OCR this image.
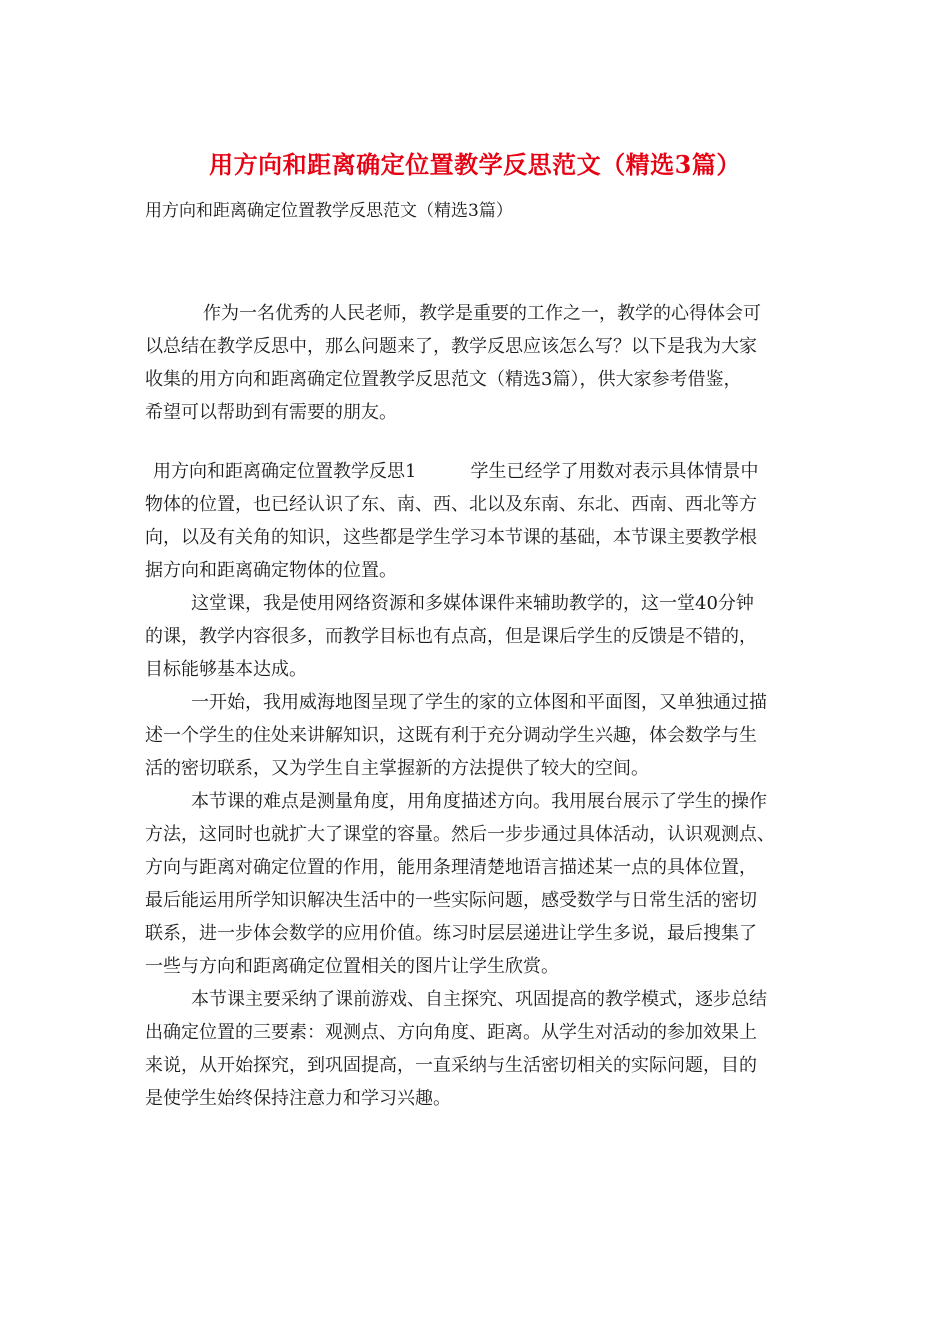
用方向和距离确定位置教学反思范文（精选3篇）
用方向和距离确定位置教学反思范文（精选3篇）
作为一名优秀的人民老师，教学是重要的工作之一，教学的心得体会可
以总结在教学反思中，那么问题来了，教学反思应该怎么写？以下是我为大家
收集的用方向和距离确定位置教学反思范文（精选3篇），供大家参考借鉴，
希望可以帮助到有需要的朋友。
用方向和距离确定位置教学反思1	学生已经学了用数对表示具体情景中
物体的位置，也已经认识了东、南、西、北以及东南、东北、西南、西北等方
向，以及有关角的知识，这些都是学生学习本节课的基础，本节课主要教学根
据方向和距离确定物体的位置。
这堂课，我是使用网络资源和多媒体课件来辅助教学的，这一堂40分钟
的课，教学内容很多，而教学目标也有点高，但是课后学生的反馈是不错的，
目标能够基本达成。
一开始，我用威海地图呈现了学生的家的立体图和平面图，又单独通过描
述一个学生的住处来讲解知识，这既有利于充分调动学生兴趣，体会数学与生
活的密切联系，又为学生自主掌握新的方法提供了较大的空间。
本节课的难点是测量角度，用角度描述方向。我用展台展示了学生的操作
方法，这同时也就扩大了课堂的容量。然后一步步通过具体活动，认识观测点、
方向与距离对确定位置的作用，能用条理清楚地语言描述某一点的具体位置，
最后能运用所学知识解决生活中的一些实际问题，感受数学与日常生活的密切
联系，进一步体会数学的应用价值。练习时层层递进让学生多说，最后搜集了
一些与方向和距离确定位置相关的图片让学生欣赏。
本节课主要采纳了课前游戏、自主探究、巩固提高的教学模式，逐步总结
出确定位置的三要素：观测点、方向角度、距离。从学生对活动的参加效果上
来说，从开始探究，到巩固提高，一直采纳与生活密切相关的实际问题，目的
是使学生始终保持注意力和学习兴趣。
